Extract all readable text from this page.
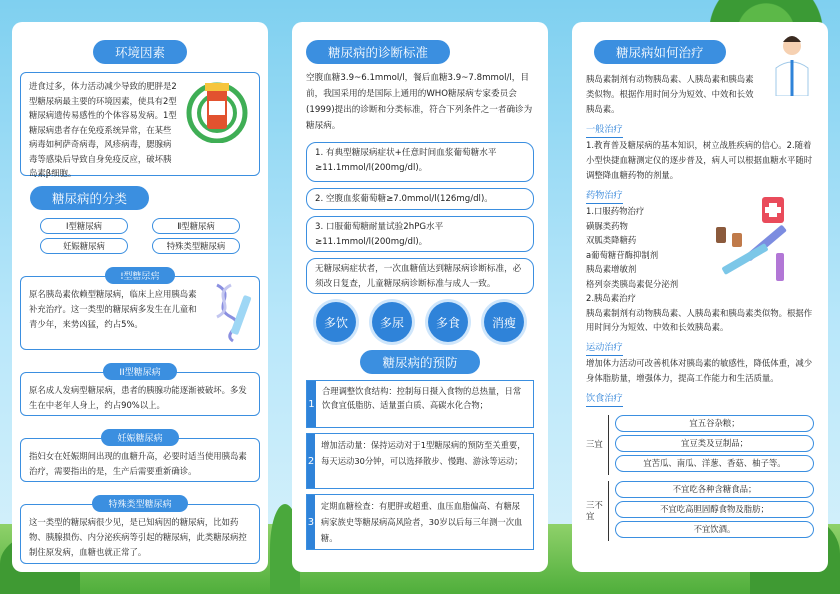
环境因素
进食过多，体力活动减少导致的肥胖是2型糖尿病最主要的环境因素，使具有2型糖尿病遗传易感性的个体容易发病。1型糖尿病患者存在免疫系统异常，在某些病毒如柯萨奇病毒，风疹病毒，腮腺病毒等感染后导致自身免疫反应，破坏胰岛素β细胞。
糖尿病的分类
Ⅰ型糖尿病	Ⅱ型糖尿病
妊娠糖尿病	特殊类型糖尿病
Ⅰ型糖尿病
原名胰岛素依赖型糖尿病，临床上应用胰岛素补充治疗。这一类型的糖尿病多发生在儿童和青少年，来势凶猛，约占5%。
ⅠⅠ型糖尿病
原名成人发病型糖尿病，患者的胰腺功能逐渐被破坏。多发生在中老年人身上，约占90%以上。
妊娠糖尿病
指妇女在妊娠期间出现的血糖升高，必要时适当使用胰岛素治疗，需要指出的是，生产后需要重新确诊。
特殊类型糖尿病
这一类型的糖尿病很少见，是已知病因的糖尿病，比如药物、胰腺损伤、内分泌疾病等引起的糖尿病，此类糖尿病控制住原发病，血糖也就正常了。
糖尿病的诊断标准
空腹血糖3.9~6.1mmol/l，餐后血糖3.9~7.8mmol/l，目前，我国采用的是国际上通用的WHO糖尿病专家委员会(1999)提出的诊断和分类标准，符合下列条件之一者确诊为糖尿病。
1. 有典型糖尿病症状+任意时间血浆葡萄糖水平≥11.1mmol/l(200mg/dl)。
2. 空腹血浆葡萄糖≥7.0mmol/l(126mg/dl)。
3. 口服葡萄糖耐量试验2hPG水平≥11.1mmol/l(200mg/dl)。
无糖尿病症状者，一次血糖值达到糖尿病诊断标准，必须改日复查，儿童糖尿病诊断标准与成人一致。
多饮	多尿	多食	消瘦
糖尿病的预防
1
合理调整饮食结构：控制每日摄入食物的总热量，日常饮食宜低脂肪、适量蛋白质、高碳水化合物；
2
增加活动量：保持运动对于1型糖尿病的预防至关重要，每天运动30分钟，可以选择散步、慢跑、游泳等运动；
3
定期血糖检查：有肥胖或超重、血压血脂偏高、有糖尿病家族史等糖尿病高风险者，30岁以后每三年测一次血糖。
糖尿病如何治疗
胰岛素制剂有动物胰岛素、人胰岛素和胰岛素类似物。根据作用时间分为短效、中效和长效胰岛素。
一般治疗
1.教育普及糖尿病的基本知识，树立战胜疾病的信心。2.随着小型快捷血糖测定仪的逐步普及，病人可以根据血糖水平随时调整降血糖药物的剂量。
药物治疗
1.口服药物治疗
磺脲类药物
双胍类降糖药
a葡萄糖苷酶抑制剂
胰岛素增敏剂
格列奈类胰岛素促分泌剂
2.胰岛素治疗
胰岛素制剂有动物胰岛素、人胰岛素和胰岛素类似物。根据作用时间分为短效、中效和长效胰岛素。
运动治疗
增加体力活动可改善机体对胰岛素的敏感性，降低体重，减少身体脂肪量，增强体力，提高工作能力和生活质量。
饮食治疗
三宜
宜五谷杂粮；
宜豆类及豆制品；
宜苦瓜、南瓜、洋葱、香菇、柚子等。
三不宜
不宜吃各种含糖食品；
不宜吃高胆固醇食物及脂肪；
不宜饮酒。
